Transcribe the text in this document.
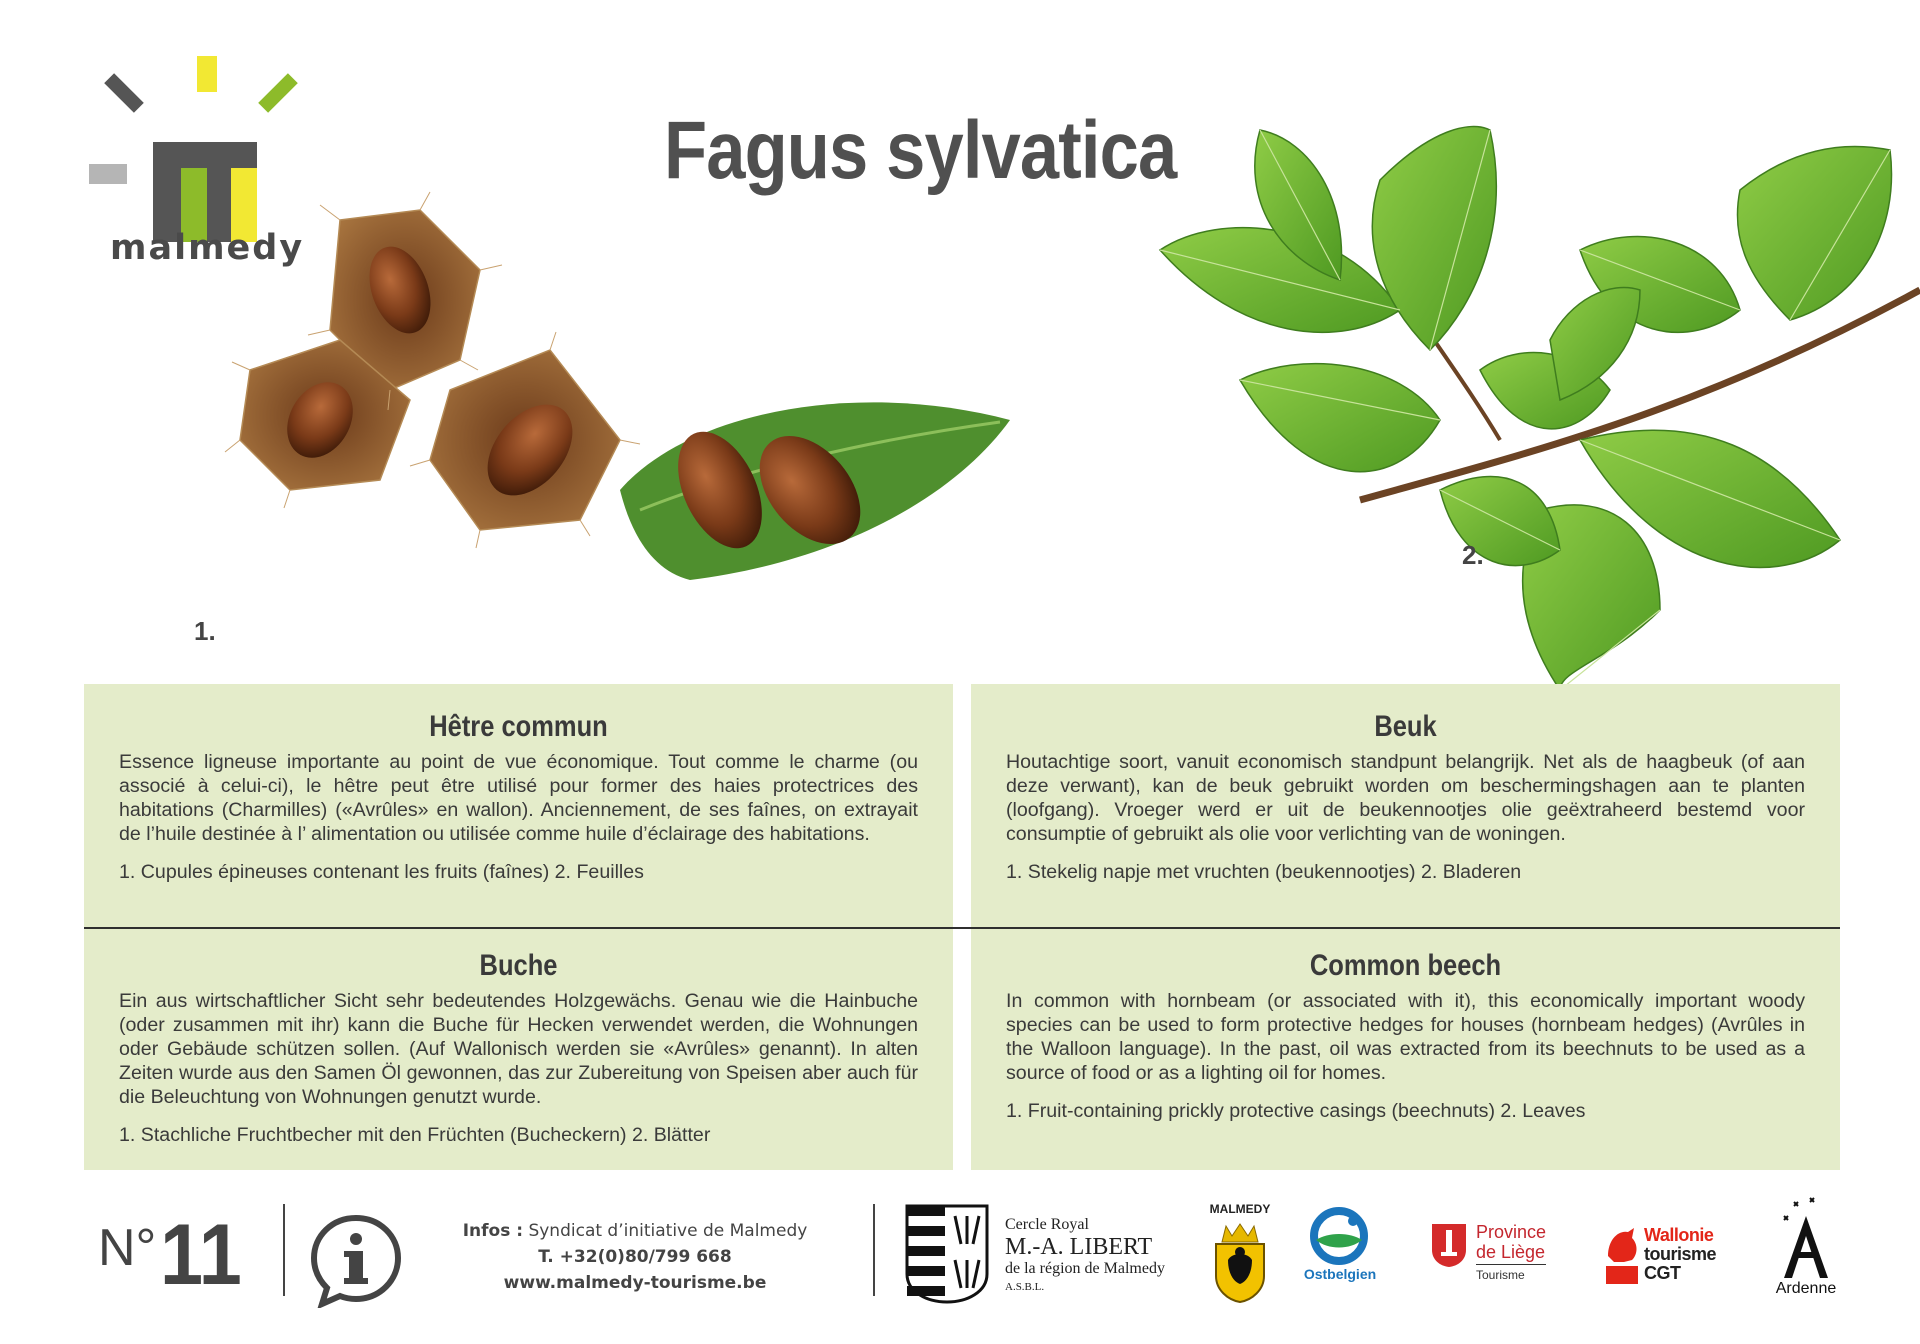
malmedy
Fagus sylvatica
1.
2.
Hêtre commun

Essence ligneuse importante au point de vue économique. Tout comme le charme (ou associé à celui-ci), le hêtre peut être utilisé pour former des haies protectrices des habitations (Charmilles) («Avrûles» en wallon). Anciennement, de ses faînes, on extrayait de l’huile destinée à l’ alimentation ou utilisée comme huile d’éclairage des habitations.

1. Cupules épineuses contenant les fruits (faînes) 2. Feuilles

Beuk

Houtachtige soort, vanuit economisch standpunt belangrijk. Net als de haagbeuk (of aan deze verwant), kan de beuk gebruikt worden om beschermingshagen aan te planten (loofgang). Vroeger werd er uit de beukennootjes olie geëxtraheerd bestemd voor consumptie of gebruikt als olie voor verlichting van de woningen.

1. Stekelig napje met vruchten (beukennootjes) 2. Bladeren

Buche

Ein aus wirtschaftlicher Sicht sehr bedeutendes Holzgewächs. Genau wie die Hainbuche (oder zusammen mit ihr) kann die Buche für Hecken verwendet werden, die Wohnungen oder Gebäude schützen sollen. (Auf Wallonisch werden sie «Avrûles» genannt). In alten Zeiten wurde aus den Samen Öl gewonnen, das zur Zubereitung von Speisen aber auch für die Beleuchtung von Wohnungen genutzt wurde.

1. Stachliche Fruchtbecher mit den Früchten (Bucheckern) 2. Blätter

Common beech

In common with hornbeam (or associated with it), this economically important woody species can be used to form protective hedges for houses (hornbeam hedges) (Avrûles in the Walloon language). In the past, oil was extracted from its beechnuts to be used as a source of food or as a lighting oil for homes.

1. Fruit-containing prickly protective casings (beechnuts) 2. Leaves

N° 11	Infos : Syndicat d’initiative de Malmedy
T. +32(0)80/799 668
www.malmedy-tourisme.be
Cercle Royal
M.-A. LIBERT
de la région de Malmedy
A.S.B.L.
MALMEDY
Ostbelgien
Province
de Liège
Tourisme
Wallonie
tourisme
CGT
Ardenne
